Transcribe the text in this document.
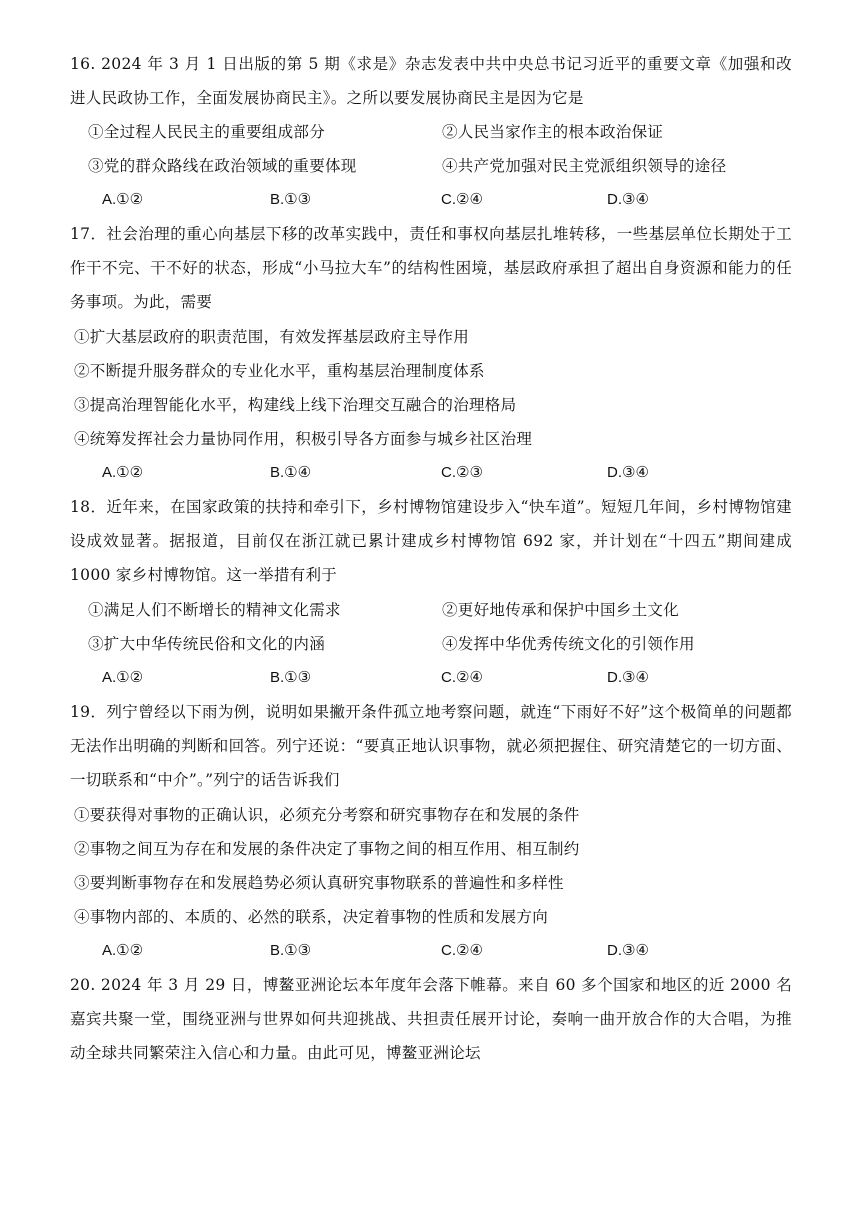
16. 2024 年 3 月 1 日出版的第 5 期《求是》杂志发表中共中央总书记习近平的重要文章《加强和改进人民政协工作，全面发展协商民主》。之所以要发展协商民主是因为它是
①全过程人民民主的重要组成部分	②人民当家作主的根本政治保证
③党的群众路线在政治领域的重要体现	④共产党加强对民主党派组织领导的途径
A.①②	B.①③	C.②④	D.③④
17．社会治理的重心向基层下移的改革实践中，责任和事权向基层扎堆转移，一些基层单位长期处于工作干不完、干不好的状态，形成“小马拉大车”的结构性困境，基层政府承担了超出自身资源和能力的任务事项。为此，需要
①扩大基层政府的职责范围，有效发挥基层政府主导作用
②不断提升服务群众的专业化水平，重构基层治理制度体系
③提高治理智能化水平，构建线上线下治理交互融合的治理格局
④统筹发挥社会力量协同作用，积极引导各方面参与城乡社区治理
A.①②	B.①④	C.②③	D.③④
18．近年来，在国家政策的扶持和牵引下，乡村博物馆建设步入“快车道”。短短几年间，乡村博物馆建设成效显著。据报道，目前仅在浙江就已累计建成乡村博物馆 692 家，并计划在“十四五”期间建成 1000 家乡村博物馆。这一举措有利于
①满足人们不断增长的精神文化需求	②更好地传承和保护中国乡土文化
③扩大中华传统民俗和文化的内涵	④发挥中华优秀传统文化的引领作用
A.①②	B.①③	C.②④	D.③④
19．列宁曾经以下雨为例，说明如果撇开条件孤立地考察问题，就连“下雨好不好”这个极简单的问题都无法作出明确的判断和回答。列宁还说：“要真正地认识事物，就必须把握住、研究清楚它的一切方面、一切联系和“中介”。”列宁的话告诉我们
①要获得对事物的正确认识，必须充分考察和研究事物存在和发展的条件
②事物之间互为存在和发展的条件决定了事物之间的相互作用、相互制约
③要判断事物存在和发展趋势必须认真研究事物联系的普遍性和多样性
④事物内部的、本质的、必然的联系，决定着事物的性质和发展方向
A.①②	B.①③	C.②④	D.③④
20. 2024 年 3 月 29 日，博鳌亚洲论坛本年度年会落下帷幕。来自 60 多个国家和地区的近 2000 名嘉宾共聚一堂，围绕亚洲与世界如何共迎挑战、共担责任展开讨论，奏响一曲开放合作的大合唱，为推动全球共同繁荣注入信心和力量。由此可见，博鳌亚洲论坛
